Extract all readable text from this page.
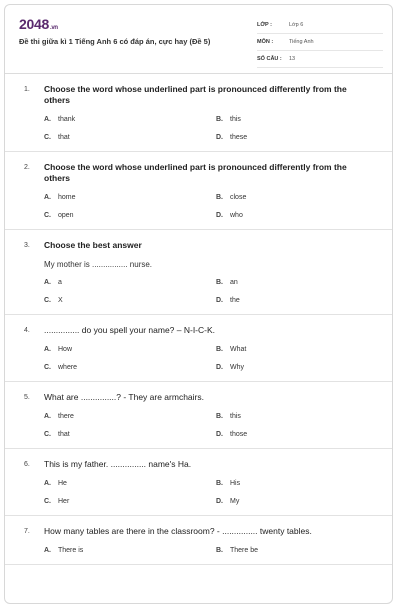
2048.vn
Đề thi giữa kì 1 Tiếng Anh 6 có đáp án, cực hay (Đề 5)
LỚP :	Lớp 6
MÔN :	Tiếng Anh
SỐ CÂU :	13
1.	Choose the word whose underlined part is pronounced differently from the others
A.	thank	B.	this
C.	that	D.	these
2.	Choose the word whose underlined part is pronounced differently from the others
A.	home	B.	close
C.	open	D.	who
3.	Choose the best answer
My mother is ................ nurse.
A.	a	B.	an
C.	X	D.	the
4.	............... do you spell your name? – N-I-C-K.
A.	How	B.	What
C.	where	D.	Why
5.	What are ...............? - They are armchairs.
A.	there	B.	this
C.	that	D.	those
6.	This is my father. ............... name's Ha.
A.	He	B.	His
C.	Her	D.	My
7.	How many tables are there in the classroom? - ............... twenty tables.
A.	There is	B.	There be
